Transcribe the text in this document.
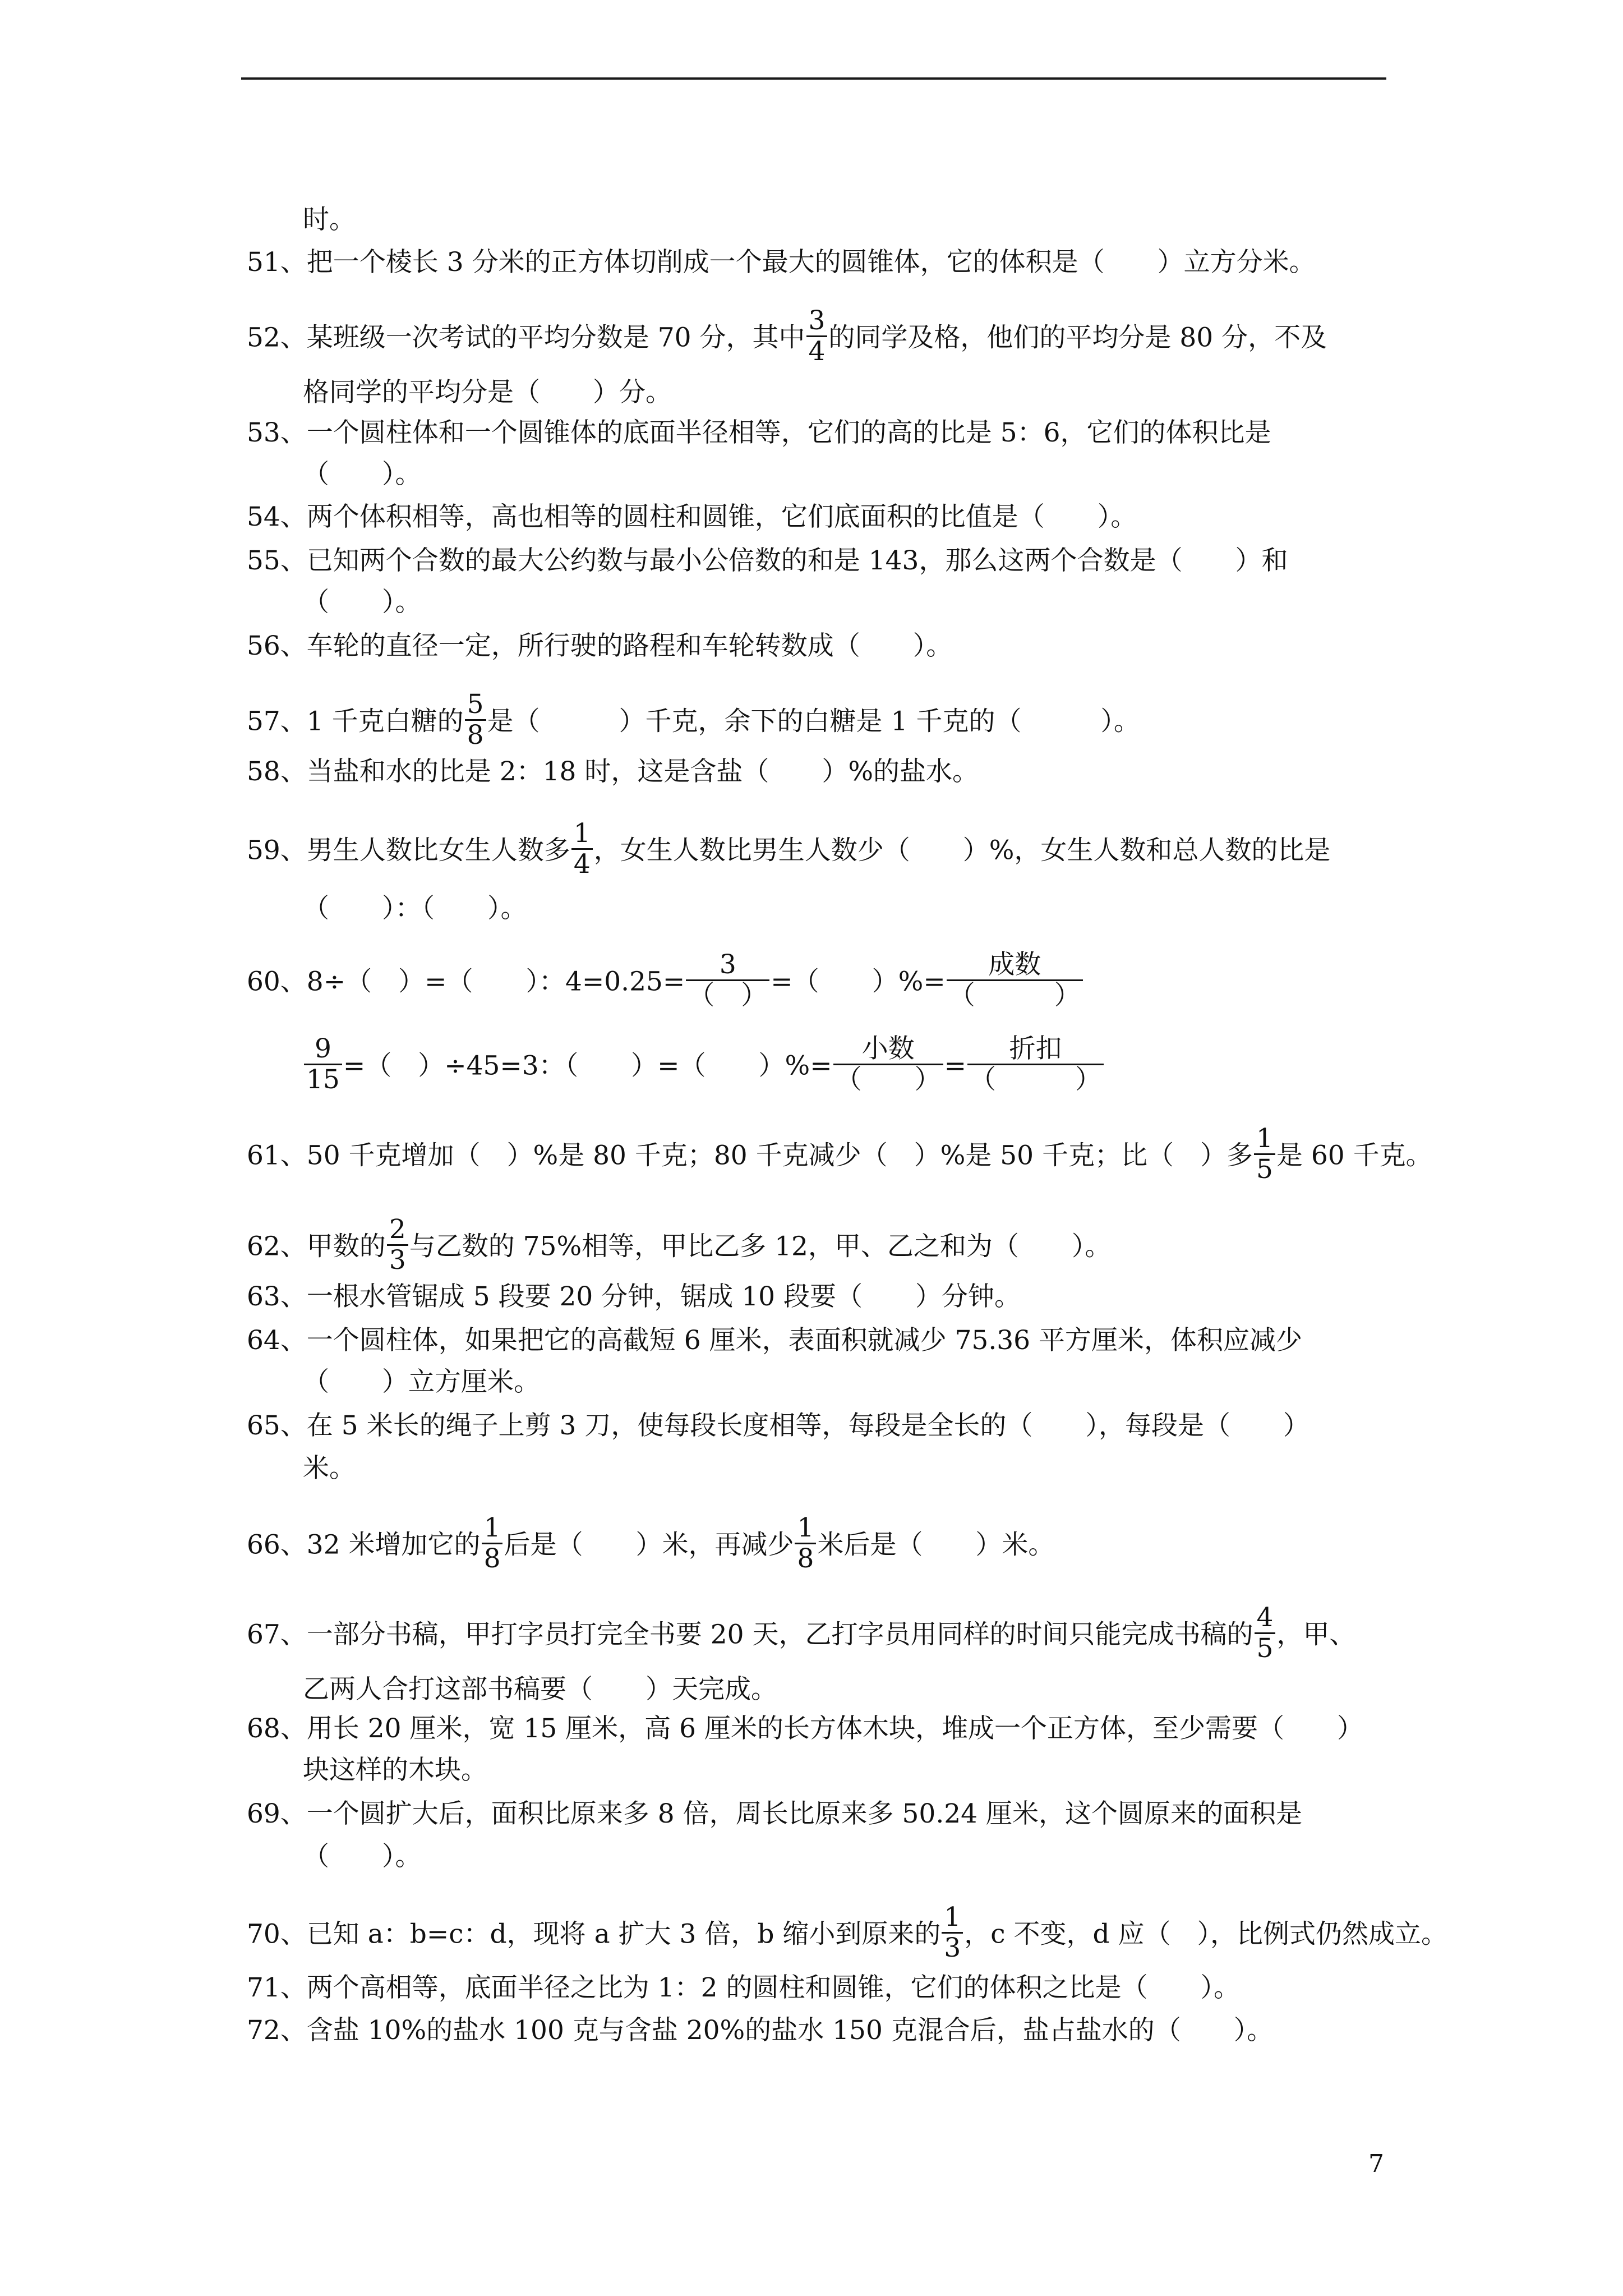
时。
51、把一个棱长 3 分米的正方体切削成一个最大的圆锥体，它的体积是（　　）立方分米。
52、某班级一次考试的平均分数是 70 分，其中 $\frac{3}{4}$ 的同学及格，他们的平均分是 80 分，不及
格同学的平均分是（　　）分。
53、一个圆柱体和一个圆锥体的底面半径相等，它们的高的比是 5：6，它们的体积比是
（　　）。
54、两个体积相等，高也相等的圆柱和圆锥，它们底面积的比值是（　　）。
55、已知两个合数的最大公约数与最小公倍数的和是 143，那么这两个合数是（　　）和
（　　）。
56、车轮的直径一定，所行驶的路程和车轮转数成（　　）。
57、1 千克白糖的 $\frac{5}{8}$ 是（　　　）千克，余下的白糖是 1 千克的（　　　）。
58、当盐和水的比是 2：18 时，这是含盐（　　）%的盐水。
59、男生人数比女生人数多 $\frac{1}{4}$ ，女生人数比男生人数少（　　）%，女生人数和总人数的比是
（　　）：（　　）。
60、8÷（　）=（　　）：$4=0.25= \frac{3}{( )}$ =（　　）%= $\frac{\text{成数}}{( )}$
$\frac{9}{15}$ =（　）÷45=3：（　　）=（　　）%= $\frac{\text{小数}}{( )} = \frac{\text{折扣}}{( )}$
61、50 千克增加（　）%是 80 千克；80 千克减少（　）%是 50 千克；比（　）多 $\frac{1}{5}$ 是 60 千克。
62、甲数的 $\frac{2}{3}$ 与乙数的 75%相等，甲比乙多 12，甲、乙之和为（　　）。
63、一根水管锯成 5 段要 20 分钟，锯成 10 段要（　　）分钟。
64、一个圆柱体，如果把它的高截短 6 厘米，表面积就减少 75.36 平方厘米，体积应减少
（　　）立方厘米。
65、在 5 米长的绳子上剪 3 刀，使每段长度相等，每段是全长的（　　），每段是（　　）
米。
66、32 米增加它的 $\frac{1}{8}$ 后是（　　）米，再减少 $\frac{1}{8}$ 米后是（　　）米。
67、一部分书稿，甲打字员打完全书要 20 天，乙打字员用同样的时间只能完成书稿的 $\frac{4}{5}$ ，甲、
乙两人合打这部书稿要（　　）天完成。
68、用长 20 厘米，宽 15 厘米，高 6 厘米的长方体木块，堆成一个正方体，至少需要（　　）
块这样的木块。
69、一个圆扩大后，面积比原来多 8 倍，周长比原来多 50.24 厘米，这个圆原来的面积是
（　　）。
70、已知 a：b=c：d，现将 a 扩大 3 倍，b 缩小到原来的 $\frac{1}{3}$ ，c 不变，d 应（　），比例式仍然成立。
71、两个高相等，底面半径之比为 1：2 的圆柱和圆锥，它们的体积之比是（　　）。
72、含盐 10%的盐水 100 克与含盐 20%的盐水 150 克混合后，盐占盐水的（　　）。
7
